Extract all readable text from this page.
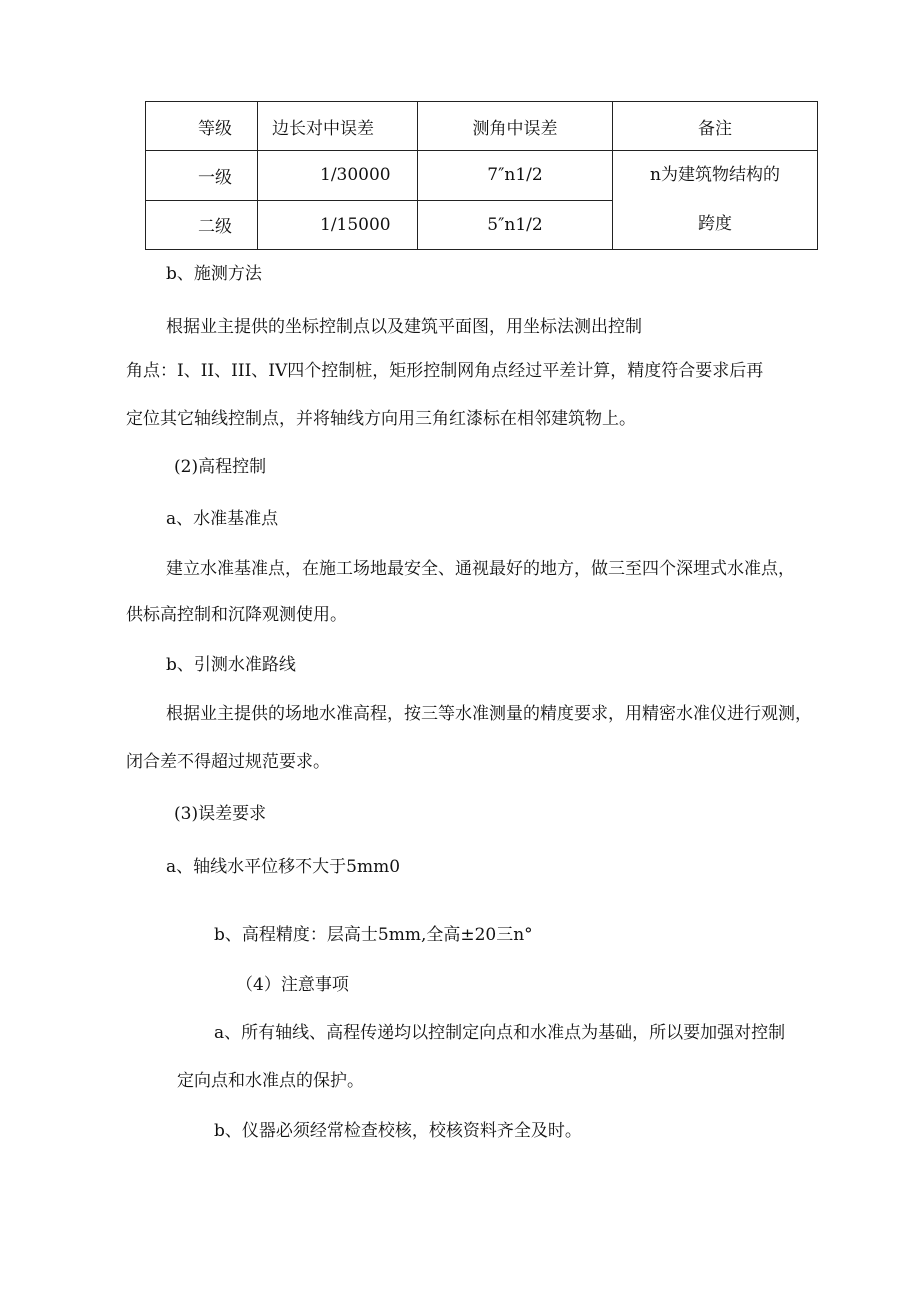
等级	边长对中误差	测角中误差	备注
一级	1/30000	7″n1/2	n为建筑物结构的
跨度

二级	1/15000	5″n1/2	

b、施测方法

根据业主提供的坐标控制点以及建筑平面图，用坐标法测出控制

角点：I、II、III、IV四个控制桩，矩形控制网角点经过平差计算，精度符合要求后再

定位其它轴线控制点，并将轴线方向用三角红漆标在相邻建筑物上。

(2)高程控制

a、水准基准点

建立水准基准点，在施工场地最安全、通视最好的地方，做三至四个深埋式水准点，

供标高控制和沉降观测使用。

b、引测水准路线

根据业主提供的场地水准高程，按三等水准测量的精度要求，用精密水准仪进行观测，

闭合差不得超过规范要求。

(3)误差要求

a、轴线水平位移不大于5mm0

b、高程精度：层高士5mm,全高±20三n°

（4）注意事项

a、所有轴线、高程传递均以控制定向点和水准点为基础，所以要加强对控制

定向点和水准点的保护。

b、仪器必须经常检查校核，校核资料齐全及时。
